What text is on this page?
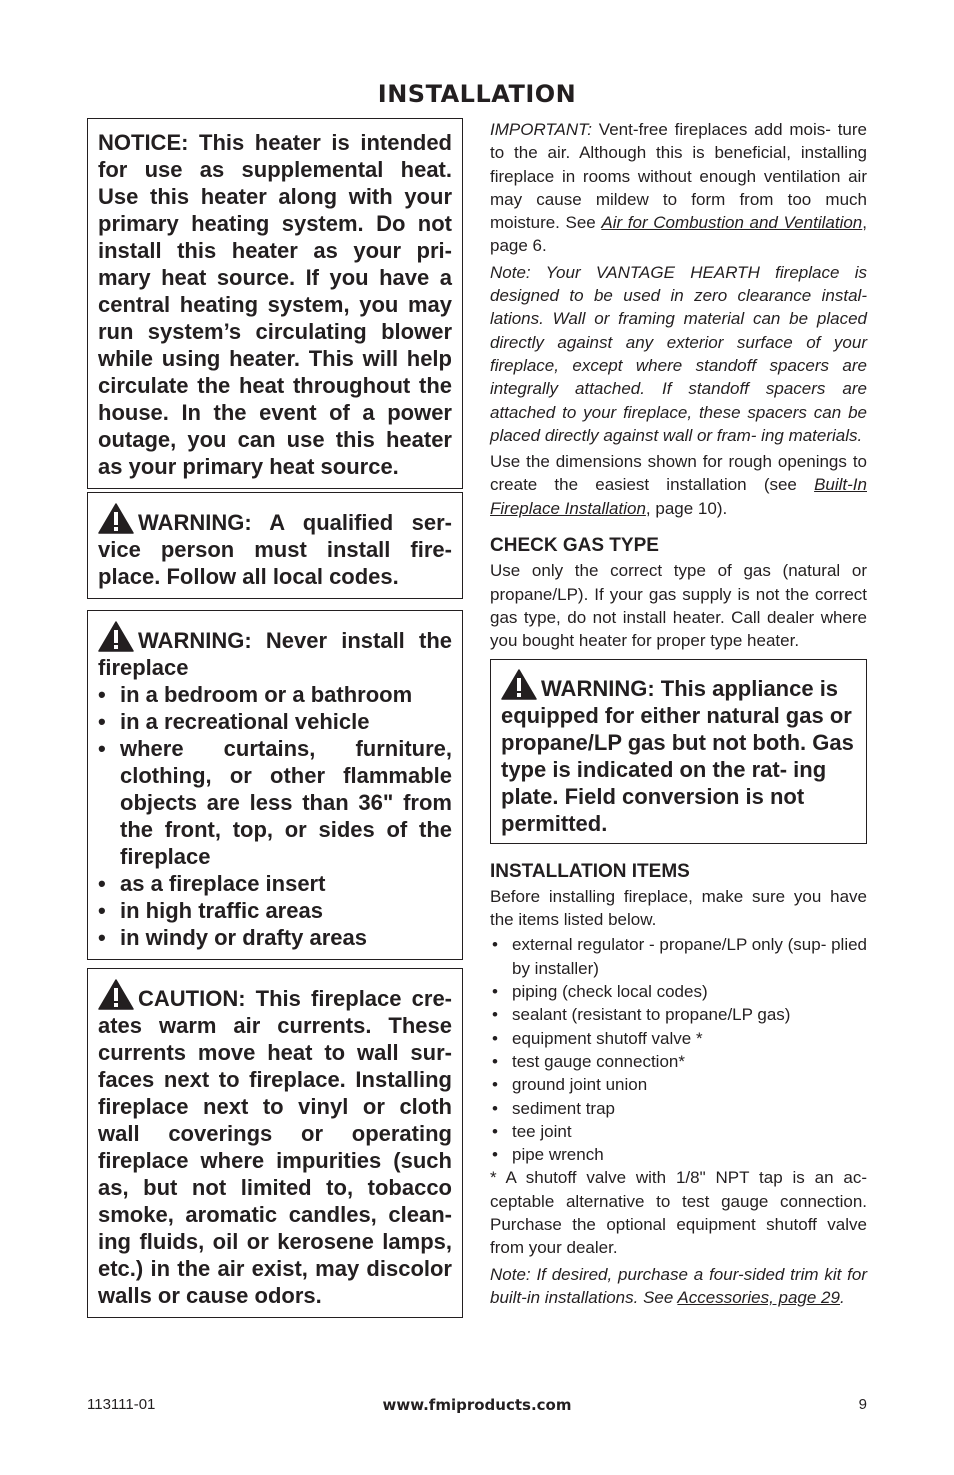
INSTALLATION

NOTICE: This heater is intended for use as supplemental heat. Use this heater along with your primary heating system. Do not install this heater as your pri- mary heat source. If you have a central heating system, you may run system’s circulating blower while using heater. This will help circulate the heat throughout the house. In the event of a power outage, you can use this heater as your primary heat source.

WARNING: A qualified ser- vice person must install fire- place. Follow all local codes.

WARNING: Never install the fireplace

• in a bedroom or a bathroom
• in a recreational vehicle
• where curtains, furniture, clothing, or other flammable objects are less than 36" from the front, top, or sides of the fireplace
• as a fireplace insert
• in high traffic areas
• in windy or drafty areas

CAUTION: This fireplace cre- ates warm air currents. These currents move heat to wall sur- faces next to fireplace. Installing fireplace next to vinyl or cloth wall coverings or operating fireplace where impurities (such as, but not limited to, tobacco smoke, aromatic candles, clean- ing fluids, oil or kerosene lamps, etc.) in the air exist, may discolor walls or cause odors.

IMPORTANT: Vent-free fireplaces add mois- ture to the air. Although this is beneficial, installing fireplace in rooms without enough ventilation air may cause mildew to form from too much moisture. See Air for Combustion and Ventilation, page 6.

Note: Your VANTAGE HEARTH fireplace is designed to be used in zero clearance instal- lations. Wall or framing material can be placed directly against any exterior surface of your fireplace, except where standoff spacers are integrally attached. If standoff spacers are attached to your fireplace, these spacers can be placed directly against wall or fram- ing materials.

Use the dimensions shown for rough openings to create the easiest installation (see Built-In Fireplace Installation, page 10).

CHECK GAS TYPE

Use only the correct type of gas (natural or propane/LP). If your gas supply is not the correct gas type, do not install heater. Call dealer where you bought heater for proper type heater.

WARNING: This appliance is equipped for either natural gas or propane/LP gas but not both. Gas type is indicated on the rat- ing plate. Field conversion is not permitted.

INSTALLATION ITEMS

Before installing fireplace, make sure you have the items listed below.

• external regulator - propane/LP only (sup- plied by installer)
• piping (check local codes)
• sealant (resistant to propane/LP gas)
• equipment shutoff valve *
• test gauge connection*
• ground joint union
• sediment trap
• tee joint
• pipe wrench

* A shutoff valve with 1/8" NPT tap is an ac- ceptable alternative to test gauge connection. Purchase the optional equipment shutoff valve from your dealer.

Note: If desired, purchase a four-sided trim kit for built-in installations. See Accessories, page 29.

113111-01	www.fmiproducts.com	9
